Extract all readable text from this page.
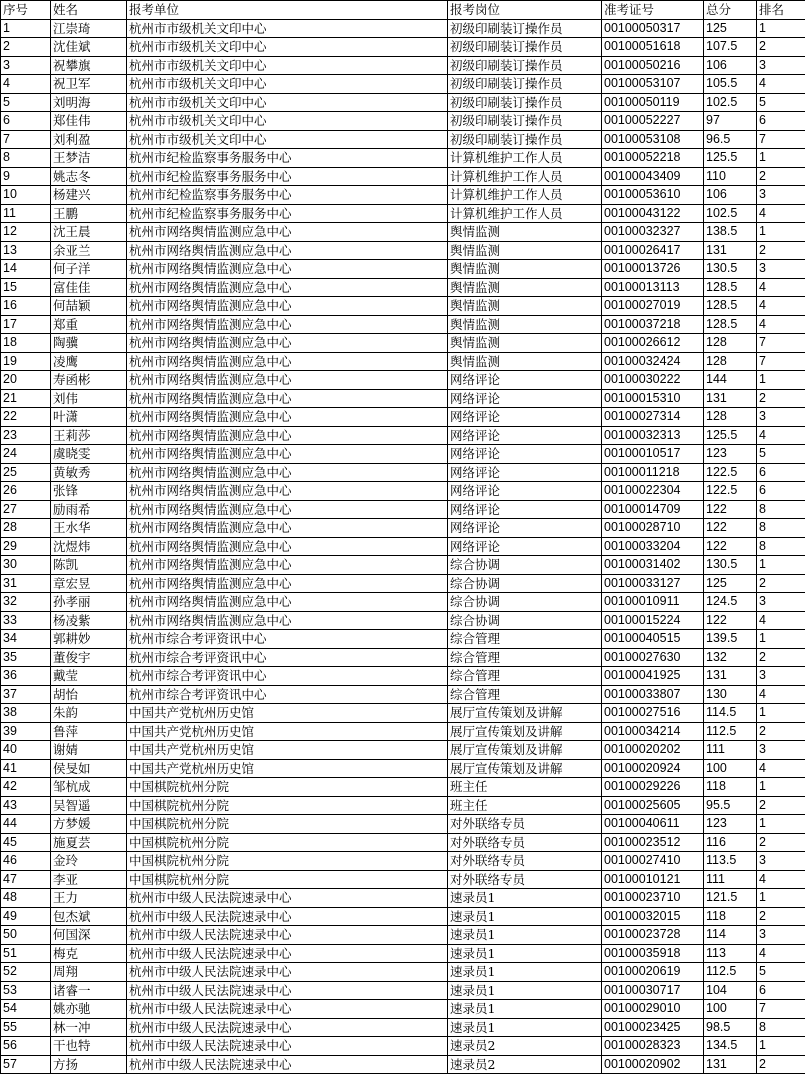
序号	姓名	报考单位	报考岗位	准考证号	总分	排名
1	江崇琦	杭州市市级机关文印中心	初级印刷装订操作员	00100050317	125	1
2	沈佳斌	杭州市市级机关文印中心	初级印刷装订操作员	00100051618	107.5	2
3	祝攀旗	杭州市市级机关文印中心	初级印刷装订操作员	00100050216	106	3
4	祝卫军	杭州市市级机关文印中心	初级印刷装订操作员	00100053107	105.5	4
5	刘明海	杭州市市级机关文印中心	初级印刷装订操作员	00100050119	102.5	5
6	郑佳伟	杭州市市级机关文印中心	初级印刷装订操作员	00100052227	97	6
7	刘利盈	杭州市市级机关文印中心	初级印刷装订操作员	00100053108	96.5	7
8	王梦洁	杭州市纪检监察事务服务中心	计算机维护工作人员	00100052218	125.5	1
9	姚志冬	杭州市纪检监察事务服务中心	计算机维护工作人员	00100043409	110	2
10	杨建兴	杭州市纪检监察事务服务中心	计算机维护工作人员	00100053610	106	3
11	王鹏	杭州市纪检监察事务服务中心	计算机维护工作人员	00100043122	102.5	4
12	沈王晨	杭州市网络舆情监测应急中心	舆情监测	00100032327	138.5	1
13	余亚兰	杭州市网络舆情监测应急中心	舆情监测	00100026417	131	2
14	何子洋	杭州市网络舆情监测应急中心	舆情监测	00100013726	130.5	3
15	富佳佳	杭州市网络舆情监测应急中心	舆情监测	00100013113	128.5	4
16	何喆颖	杭州市网络舆情监测应急中心	舆情监测	00100027019	128.5	4
17	郑重	杭州市网络舆情监测应急中心	舆情监测	00100037218	128.5	4
18	陶骥	杭州市网络舆情监测应急中心	舆情监测	00100026612	128	7
19	凌鹰	杭州市网络舆情监测应急中心	舆情监测	00100032424	128	7
20	寿函彬	杭州市网络舆情监测应急中心	网络评论	00100030222	144	1
21	刘伟	杭州市网络舆情监测应急中心	网络评论	00100015310	131	2
22	叶潇	杭州市网络舆情监测应急中心	网络评论	00100027314	128	3
23	王莉莎	杭州市网络舆情监测应急中心	网络评论	00100032313	125.5	4
24	虞晓雯	杭州市网络舆情监测应急中心	网络评论	00100010517	123	5
25	黄敏秀	杭州市网络舆情监测应急中心	网络评论	00100011218	122.5	6
26	张锋	杭州市网络舆情监测应急中心	网络评论	00100022304	122.5	6
27	励雨希	杭州市网络舆情监测应急中心	网络评论	00100014709	122	8
28	王水华	杭州市网络舆情监测应急中心	网络评论	00100028710	122	8
29	沈煜炜	杭州市网络舆情监测应急中心	网络评论	00100033204	122	8
30	陈凯	杭州市网络舆情监测应急中心	综合协调	00100031402	130.5	1
31	章宏昱	杭州市网络舆情监测应急中心	综合协调	00100033127	125	2
32	孙孝丽	杭州市网络舆情监测应急中心	综合协调	00100010911	124.5	3
33	杨凌紫	杭州市网络舆情监测应急中心	综合协调	00100015224	122	4
34	郭耕妙	杭州市综合考评资讯中心	综合管理	00100040515	139.5	1
35	董俊宇	杭州市综合考评资讯中心	综合管理	00100027630	132	2
36	戴莹	杭州市综合考评资讯中心	综合管理	00100041925	131	3
37	胡怡	杭州市综合考评资讯中心	综合管理	00100033807	130	4
38	朱韵	中国共产党杭州历史馆	展厅宣传策划及讲解	00100027516	114.5	1
39	鲁萍	中国共产党杭州历史馆	展厅宣传策划及讲解	00100034214	112.5	2
40	谢婧	中国共产党杭州历史馆	展厅宣传策划及讲解	00100020202	111	3
41	侯旻如	中国共产党杭州历史馆	展厅宣传策划及讲解	00100020924	100	4
42	邹杭成	中国棋院杭州分院	班主任	00100029226	118	1
43	吴智遥	中国棋院杭州分院	班主任	00100025605	95.5	2
44	方梦媛	中国棋院杭州分院	对外联络专员	00100040611	123	1
45	施夏芸	中国棋院杭州分院	对外联络专员	00100023512	116	2
46	金玲	中国棋院杭州分院	对外联络专员	00100027410	113.5	3
47	李亚	中国棋院杭州分院	对外联络专员	00100010121	111	4
48	王力	杭州市中级人民法院速录中心	速录员1	00100023710	121.5	1
49	包杰斌	杭州市中级人民法院速录中心	速录员1	00100032015	118	2
50	何国深	杭州市中级人民法院速录中心	速录员1	00100023728	114	3
51	梅克	杭州市中级人民法院速录中心	速录员1	00100035918	113	4
52	周翔	杭州市中级人民法院速录中心	速录员1	00100020619	112.5	5
53	诸睿一	杭州市中级人民法院速录中心	速录员1	00100030717	104	6
54	姚亦驰	杭州市中级人民法院速录中心	速录员1	00100029010	100	7
55	林一冲	杭州市中级人民法院速录中心	速录员1	00100023425	98.5	8
56	干也特	杭州市中级人民法院速录中心	速录员2	00100028323	134.5	1
57	方扬	杭州市中级人民法院速录中心	速录员2	00100020902	131	2
